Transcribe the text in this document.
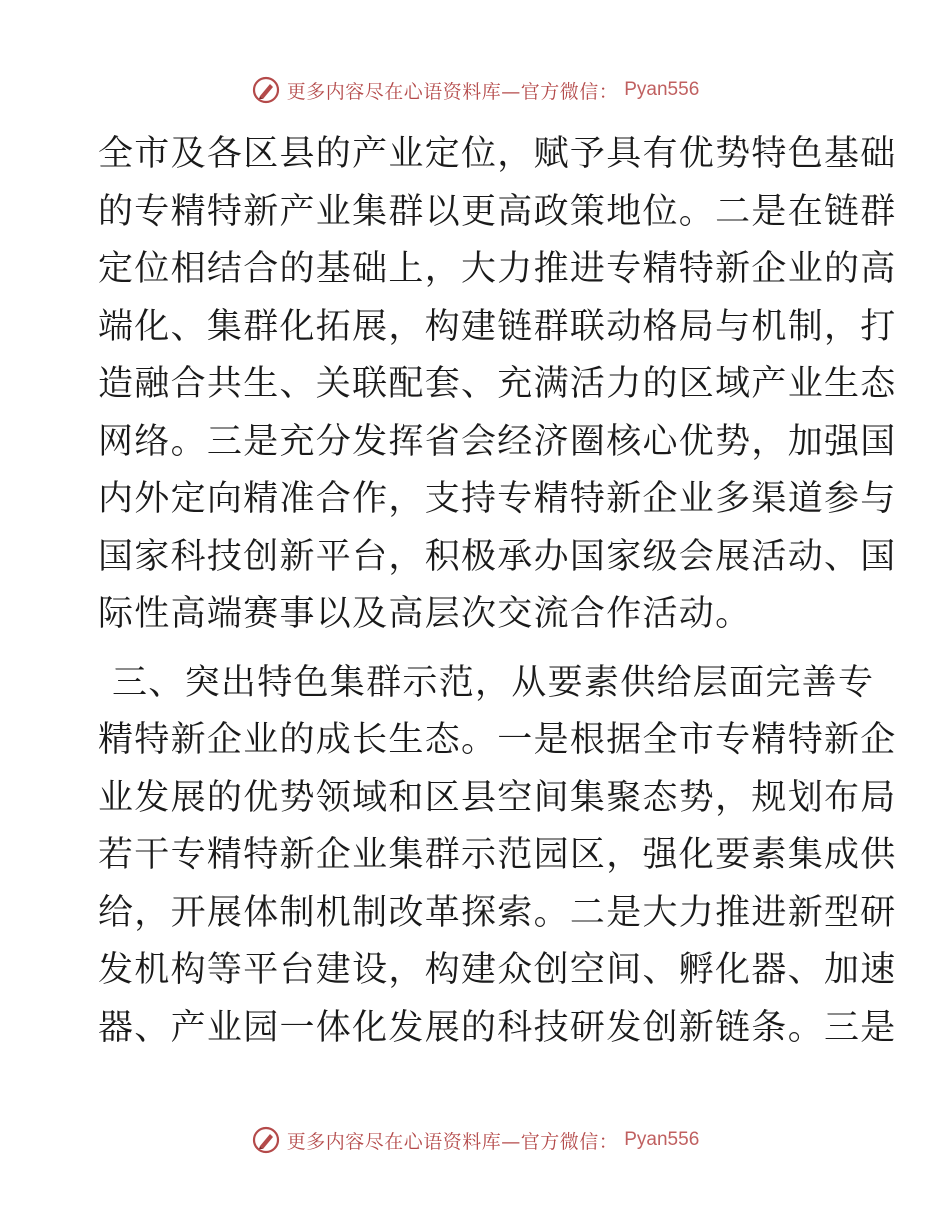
更多内容尽在心语资料库—官方微信： Pyan556
全市及各区县的产业定位，赋予具有优势特色基础
的专精特新产业集群以更高政策地位。二是在链群
定位相结合的基础上，大力推进专精特新企业的高
端化、集群化拓展，构建链群联动格局与机制，打
造融合共生、关联配套、充满活力的区域产业生态
网络。三是充分发挥省会经济圈核心优势，加强国
内外定向精准合作，支持专精特新企业多渠道参与
国家科技创新平台，积极承办国家级会展活动、国
际性高端赛事以及高层次交流合作活动。
三、突出特色集群示范，从要素供给层面完善专
精特新企业的成长生态。一是根据全市专精特新企
业发展的优势领域和区县空间集聚态势，规划布局
若干专精特新企业集群示范园区，强化要素集成供
给，开展体制机制改革探索。二是大力推进新型研
发机构等平台建设，构建众创空间、孵化器、加速
器、产业园一体化发展的科技研发创新链条。三是
更多内容尽在心语资料库—官方微信： Pyan556
